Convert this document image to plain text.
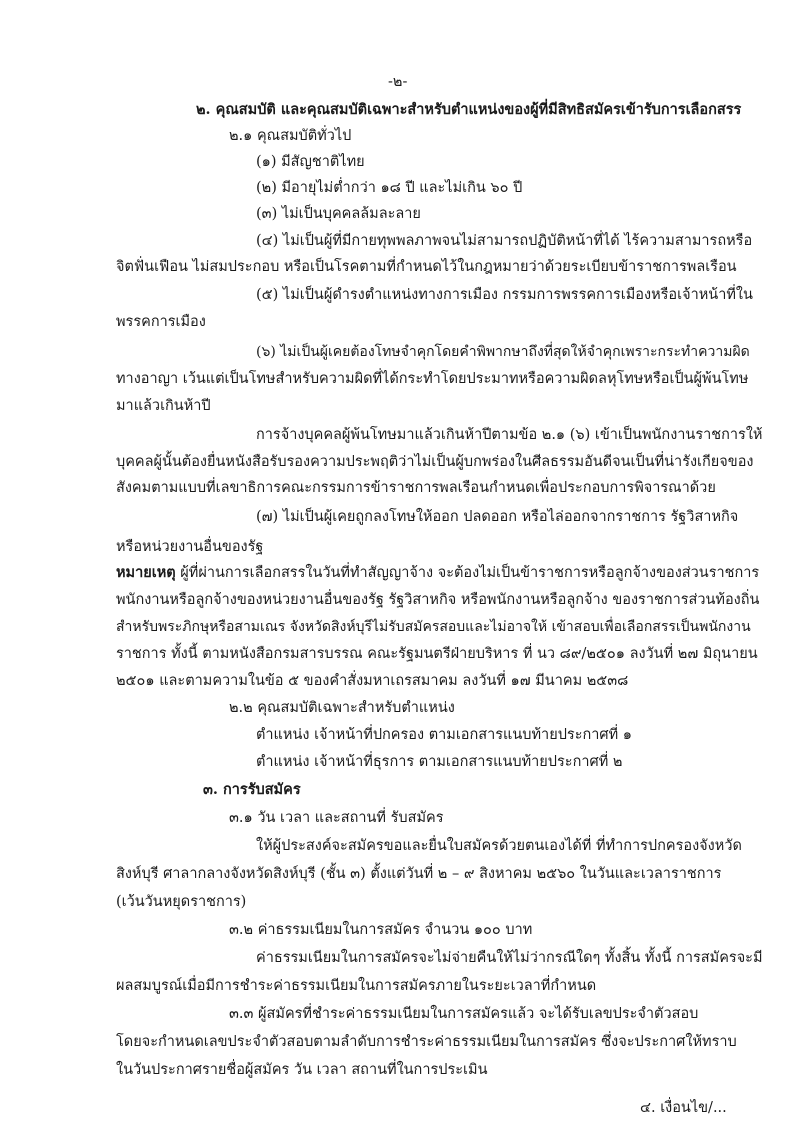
-๒-

๒. คุณสมบัติ และคุณสมบัติเฉพาะสำหรับตำแหน่งของผู้ที่มีสิทธิสมัครเข้ารับการเลือกสรร

๒.๑ คุณสมบัติทั่วไป

(๑) มีสัญชาติไทย

(๒) มีอายุไม่ต่ำกว่า ๑๘ ปี และไม่เกิน ๖๐ ปี

(๓) ไม่เป็นบุคคลล้มละลาย

(๔) ไม่เป็นผู้ที่มีกายทุพพลภาพจนไม่สามารถปฏิบัติหน้าที่ได้ ไร้ความสามารถหรือ

จิตฟั่นเฟือน ไม่สมประกอบ หรือเป็นโรคตามที่กำหนดไว้ในกฎหมายว่าด้วยระเบียบข้าราชการพลเรือน

(๕) ไม่เป็นผู้ดำรงตำแหน่งทางการเมือง กรรมการพรรคการเมืองหรือเจ้าหน้าที่ใน

พรรคการเมือง

(๖) ไม่เป็นผู้เคยต้องโทษจำคุกโดยคำพิพากษาถึงที่สุดให้จำคุกเพราะกระทำความผิด

ทางอาญา เว้นแต่เป็นโทษสำหรับความผิดที่ได้กระทำโดยประมาทหรือความผิดลหุโทษหรือเป็นผู้พ้นโทษ

มาแล้วเกินห้าปี

การจ้างบุคคลผู้พ้นโทษมาแล้วเกินห้าปีตามข้อ ๒.๑ (๖) เข้าเป็นพนักงานราชการให้

บุคคลผู้นั้นต้องยื่นหนังสือรับรองความประพฤติว่าไม่เป็นผู้บกพร่องในศีลธรรมอันดีจนเป็นที่น่ารังเกียจของ

สังคมตามแบบที่เลขาธิการคณะกรรมการข้าราชการพลเรือนกำหนดเพื่อประกอบการพิจารณาด้วย

(๗) ไม่เป็นผู้เคยถูกลงโทษให้ออก ปลดออก หรือไล่ออกจากราชการ รัฐวิสาหกิจ

หรือหน่วยงานอื่นของรัฐ

หมายเหตุ ผู้ที่ผ่านการเลือกสรรในวันที่ทำสัญญาจ้าง จะต้องไม่เป็นข้าราชการหรือลูกจ้างของส่วนราชการ

พนักงานหรือลูกจ้างของหน่วยงานอื่นของรัฐ รัฐวิสาหกิจ หรือพนักงานหรือลูกจ้าง ของราชการส่วนท้องถิ่น

สำหรับพระภิกษุหรือสามเณร จังหวัดสิงห์บุรีไม่รับสมัครสอบและไม่อาจให้ เข้าสอบเพื่อเลือกสรรเป็นพนักงาน

ราชการ ทั้งนี้ ตามหนังสือกรมสารบรรณ คณะรัฐมนตรีฝ่ายบริหาร ที่ นว ๘๙/๒๕๐๑ ลงวันที่ ๒๗ มิถุนายน

๒๕๐๑ และตามความในข้อ ๕ ของคำสั่งมหาเถรสมาคม ลงวันที่ ๑๗ มีนาคม ๒๕๓๘

๒.๒ คุณสมบัติเฉพาะสำหรับตำแหน่ง

ตำแหน่ง เจ้าหน้าที่ปกครอง ตามเอกสารแนบท้ายประกาศที่ ๑

ตำแหน่ง เจ้าหน้าที่ธุรการ ตามเอกสารแนบท้ายประกาศที่ ๒

๓. การรับสมัคร

๓.๑ วัน เวลา และสถานที่ รับสมัคร

ให้ผู้ประสงค์จะสมัครขอและยื่นใบสมัครด้วยตนเองได้ที่ ที่ทำการปกครองจังหวัด

สิงห์บุรี ศาลากลางจังหวัดสิงห์บุรี (ชั้น ๓) ตั้งแต่วันที่ ๒ – ๙ สิงหาคม ๒๕๖๐ ในวันและเวลาราชการ

(เว้นวันหยุดราชการ)

๓.๒ ค่าธรรมเนียมในการสมัคร จำนวน ๑๐๐ บาท

ค่าธรรมเนียมในการสมัครจะไม่จ่ายคืนให้ไม่ว่ากรณีใดๆ ทั้งสิ้น ทั้งนี้ การสมัครจะมี

ผลสมบูรณ์เมื่อมีการชำระค่าธรรมเนียมในการสมัครภายในระยะเวลาที่กำหนด

๓.๓ ผู้สมัครที่ชำระค่าธรรมเนียมในการสมัครแล้ว จะได้รับเลขประจำตัวสอบ

โดยจะกำหนดเลขประจำตัวสอบตามลำดับการชำระค่าธรรมเนียมในการสมัคร ซึ่งจะประกาศให้ทราบ

ในวันประกาศรายชื่อผู้สมัคร วัน เวลา สถานที่ในการประเมิน

๔. เงื่อนไข/...
